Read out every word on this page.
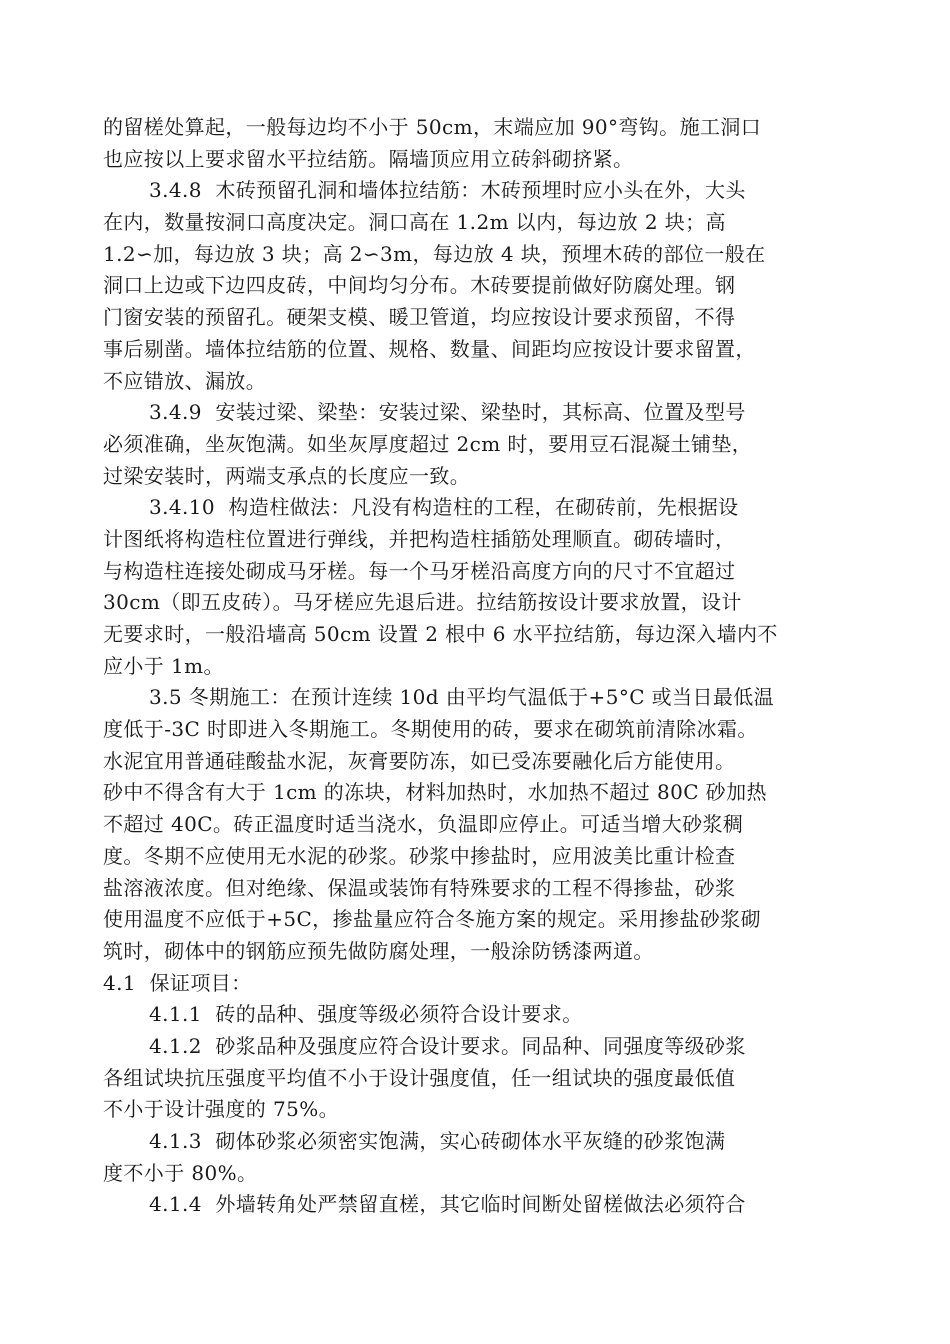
的留槎处算起，一般每边均不小于 50cm，末端应加 90°弯钩。施工洞口
也应按以上要求留水平拉结筋。隔墙顶应用立砖斜砌挤紧。
3.4.8  木砖预留孔洞和墙体拉结筋：木砖预埋时应小头在外，大头
在内，数量按洞口高度决定。洞口高在 1.2m 以内，每边放 2 块；高
1.2∽加，每边放 3 块；高 2∽3m，每边放 4 块，预埋木砖的部位一般在
洞口上边或下边四皮砖，中间均匀分布。木砖要提前做好防腐处理。钢
门窗安装的预留孔。硬架支模、暖卫管道，均应按设计要求预留，不得
事后剔凿。墙体拉结筋的位置、规格、数量、间距均应按设计要求留置，
不应错放、漏放。
3.4.9  安装过梁、梁垫：安装过梁、梁垫时，其标高、位置及型号
必须准确，坐灰饱满。如坐灰厚度超过 2cm 时，要用豆石混凝土铺垫，
过梁安装时，两端支承点的长度应一致。
3.4.10  构造柱做法：凡没有构造柱的工程，在砌砖前，先根据设
计图纸将构造柱位置进行弹线，并把构造柱插筋处理顺直。砌砖墙时，
与构造柱连接处砌成马牙槎。每一个马牙槎沿高度方向的尺寸不宜超过
30cm（即五皮砖）。马牙槎应先退后进。拉结筋按设计要求放置，设计
无要求时，一般沿墙高 50cm 设置 2 根中 6 水平拉结筋，每边深入墙内不
应小于 1m。
3.5 冬期施工：在预计连续 10d 由平均气温低于+5°C 或当日最低温
度低于-3C 时即进入冬期施工。冬期使用的砖，要求在砌筑前清除冰霜。
水泥宜用普通硅酸盐水泥，灰膏要防冻，如已受冻要融化后方能使用。
砂中不得含有大于 1cm 的冻块，材料加热时，水加热不超过 80C 砂加热
不超过 40C。砖正温度时适当浇水，负温即应停止。可适当增大砂浆稠
度。冬期不应使用无水泥的砂浆。砂浆中掺盐时，应用波美比重计检查
盐溶液浓度。但对绝缘、保温或装饰有特殊要求的工程不得掺盐，砂浆
使用温度不应低于+5C，掺盐量应符合冬施方案的规定。采用掺盐砂浆砌
筑时，砌体中的钢筋应预先做防腐处理，一般涂防锈漆两道。
4.1  保证项目：
4.1.1  砖的品种、强度等级必须符合设计要求。
4.1.2  砂浆品种及强度应符合设计要求。同品种、同强度等级砂浆
各组试块抗压强度平均值不小于设计强度值，任一组试块的强度最低值
不小于设计强度的 75%。
4.1.3  砌体砂浆必须密实饱满，实心砖砌体水平灰缝的砂浆饱满
度不小于 80%。
4.1.4  外墙转角处严禁留直槎，其它临时间断处留槎做法必须符合
